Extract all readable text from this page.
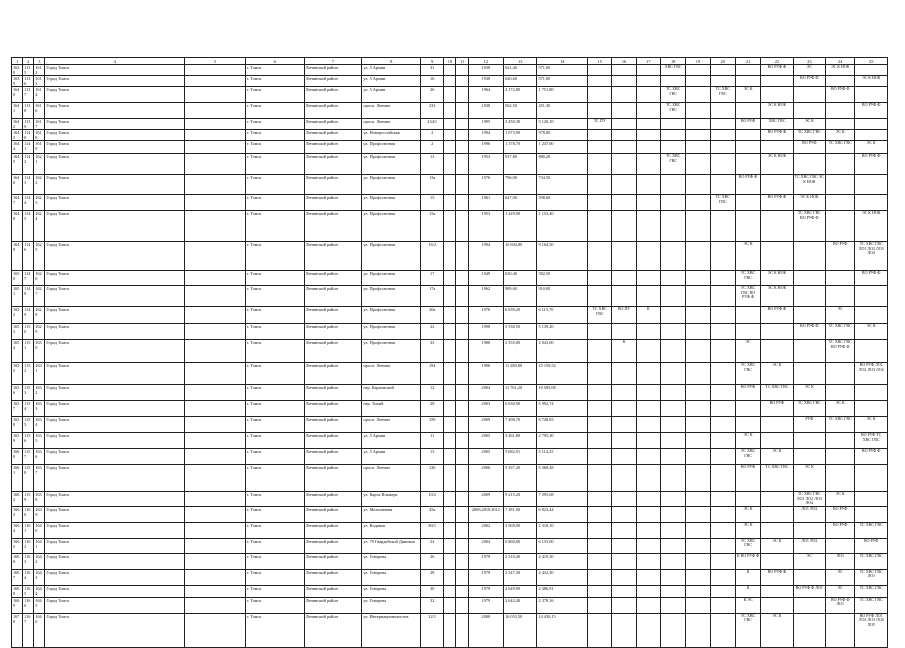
1	2	3	4	5	6	7	8	9	10	11	12	13	14	15	16	17	18	19	20	21	22	23	24	25
1638	1135	1612	Город Томск		г. Томск	Ленинский район	ул. 5 Армии	31			1938	621,40	571,00				ХВС ГВС				ВО РУФ Ф	ЭС	ЭС К НОК	
1639	1136	1613	Город Томск		г. Томск	Ленинский район	ул. 5 Армии	16			1938	620,60	571,00									ВО РУФ Ф		ЭС К НОК
1640	1137	1614	Город Томск		г. Томск	Ленинский район	ул. 5 Армии	26			1964	2 172,80	1 751,80				ТС ХВС ГВС		ТС ХВС ГВС	ЭС К			ВО РУФ Ф	
1641	1138	1616	Город Томск		г. Томск	Ленинский район	просп. Ленина	233			1938	562,50	451,30				ТС ХВС ГВС				ЭС К НОК			ВО РУФ Ф
1642	1139	1617	Город Томск		г. Томск	Ленинский район	просп. Ленина	234/1			1995	3 450,30	3 120,10	ТС ПУ						ВО РУФ	ХВС ГВС	ЭС К		
1643	1140	1618	Город Томск		г. Томск	Ленинский район	ул. Новороссийская	2			1994	1 073,90	978,80								ВО РУФ Ф	ТС ХВС ГВС	ЭС К	
1644	1141	1619	Город Томск		г. Томск	Ленинский район	ул. Профсоюзная	2			1996	1 378,70	1 247,00									ВО РУФ	ТС ХВС ГВС	ЭС К
1645	1142	1621	Город Томск		г. Томск	Ленинский район	ул. Профсоюзная	13			1953	937,80	880,20				ТС ХВС ГВС				ЭС К НОК			ВО РУФ Ф
1646	1143	1622	Город Томск		г. Томск	Ленинский район	ул. Профсоюзная	13а			1976	796,00	734,50							ВО РУФ Ф		ТС ХВС ГВС ЭС К НОК		
1647	1144	1623	Город Томск		г. Томск	Ленинский район	ул. Профсоюзная	15			1961	647,00	598,60						ТС ХВС ГВС		ВО РУФ Ф	ЭС К НОК		
1648	1145	1624	Город Томск		г. Томск	Ленинский район	ул. Профсоюзная	15а			1953	1 249,90	1 153,40									ТС ХВС ГВС ВО РУФ Ф		ЭС К НОК
1649	1146	1625	Город Томск		г. Томск	Ленинский район	ул. Профсоюзная	16/2			1994	10 604,80	9 164,50							ЭС К			ВО РУФ	ТС ХВС ГВС ЛО1 ЛО2 ЛО3 ЛО4
1650	1147	1626	Город Томск		г. Томск	Ленинский район	ул. Профсоюзная	17			1949	630,40	582,50							ТС ХВС ГВС	ЭС К НОК			ВО РУФ Ф
1651	1148	1627	Город Томск		г. Томск	Ленинский район	ул. Профсоюзная	17а			1962	989,60	910,00							ТС ХВС ГВС ВО РУФ Ф	ЭС К НОК			
1652	1149	1628	Город Томск		г. Томск	Ленинский район	ул. Профсоюзная	20а			1976	6 659,20	6 115,70	ТС ХВС ГВС	ВО ПУ	К					ВО РУФ Ф		ЭС	
1653	1150	1629	Город Томск		г. Томск	Ленинский район	ул. Профсоюзная	22			1998	5 538,50	5 139,20									ВО РУФ Ф	ТС ХВС ГВС	ЭС К
1654	1151	1630	Город Томск		г. Томск	Ленинский район	ул. Профсоюзная	33			1980	2 355,00	2 043,00		К					ЭС			ТС ХВС ГВС ВО РУФ Ф	
1655	1152	1631	Город Томск		г. Томск	Ленинский район	просп. Ленина	194			1996	11 280,80	10 159,52							ТС ХВС ГВС	ЭС К			ВО РУФ ЛО1 ЛО2 ЛО3 ЛО4
1656	1153	1632	Город Томск		г. Томск	Ленинский район	пер. Карповский	12			2004	11 761,20	10 585,08							ВО РУФ	ТС ХВС ГВС	ЭС К		
1657	1154	1633	Город Томск		г. Томск	Ленинский район	пер. Тихий	28			2003	6 630,90	5 992,74								ВО РУФ	ТС ХВС ГВС	ЭС К	
1658	1155	1634	Город Томск		г. Томск	Ленинский район	просп. Ленина	159			2009	7 498,70	6 748,83									РУФ	ТС ХВС ГВС	ЭС К
1659	1156	1635	Город Томск		г. Томск	Ленинский район	ул. 5 Армии	11			2005	3 261,80	2 795,30							ЭС К				ВО РУФ ТС ХВС ГВС
1660	1157	1636	Город Томск		г. Томск	Ленинский район	ул. 5 Армии	13			2005	5 682,91	5 114,25							ТС ХВС ГВС	ЭС К			ВО РУФ Ф
1661	1158	1637	Город Томск		г. Томск	Ленинский район	просп. Ленина	126			2006	5 337,20	5 368,48							ВО РУФ	ТС ХВС ГВС	ЭС К		
1662	1159	1638	Город Томск		г. Томск	Ленинский район	ул. Карла Ильмера	10/2			2009	9 215,20	7 595,68									ТС ХВС ГВС ЛО1 ЛО2 ЛО3 ЛО4	ЭС К	
1663	1160	1639	Город Томск		г. Томск	Ленинский район	ул. Мельничная	45а			2006,2010,2012	7 281,90	6 823,44							ЭС К		ЛО1 ЛО2	ВО РУФ	
1664	1161	1640	Город Томск		г. Томск	Ленинский район	ул. Водяная	80/1			2002	2 569,00	2 310,10							ЭС К			ВО РУФ	ТС ХВС ГВС
1665	1162	1641	Город Томск		г. Томск	Ленинский район	ул. 79 Гвардейской Дивизии	24			2004	6 860,00	6 155,00							ТС ХВС ГВС	ЭС К	ЛО1 ЛО2		ВО РУФ
1666	1163	1642	Город Томск		г. Томск	Ленинский район	ул. Говорова	26			1979	2 510,40	2 419,30							К ВО РУФ Ф		ЭС	ЛО1	ТС ХВС ГВС
1667	1164	1643	Город Томск		г. Томск	Ленинский район	ул. Говорова	28			1979	2 547,30	2 432,30							К	ВО РУФ Ф		ЭС	ТС ХВС ГВС ЛО1
1668	1165	1644	Город Томск		г. Томск	Ленинский район	ул. Говорова	30			1979	2 649,90	2 386,91							К		ВО РУФ Ф ЛО1	ЭС	ТС ХВС ГВС
1669	1166	1645	Город Томск		г. Томск	Ленинский район	ул. Говорова	32			1979	2 642,40	2 378,16							К ЭС			ВО РУФ Ф ЛО1	ТС ХВС ГВС
1670	1167	1646	Город Томск		г. Томск	Ленинский район	ул. Интернационалистов	12/1			2000	16 053,50	14 430,15							ТС ХВС ГВС	ЭС К			ВО РУФ ЛО1 ЛО2 ЛО3 ЛО4 ЛО5
